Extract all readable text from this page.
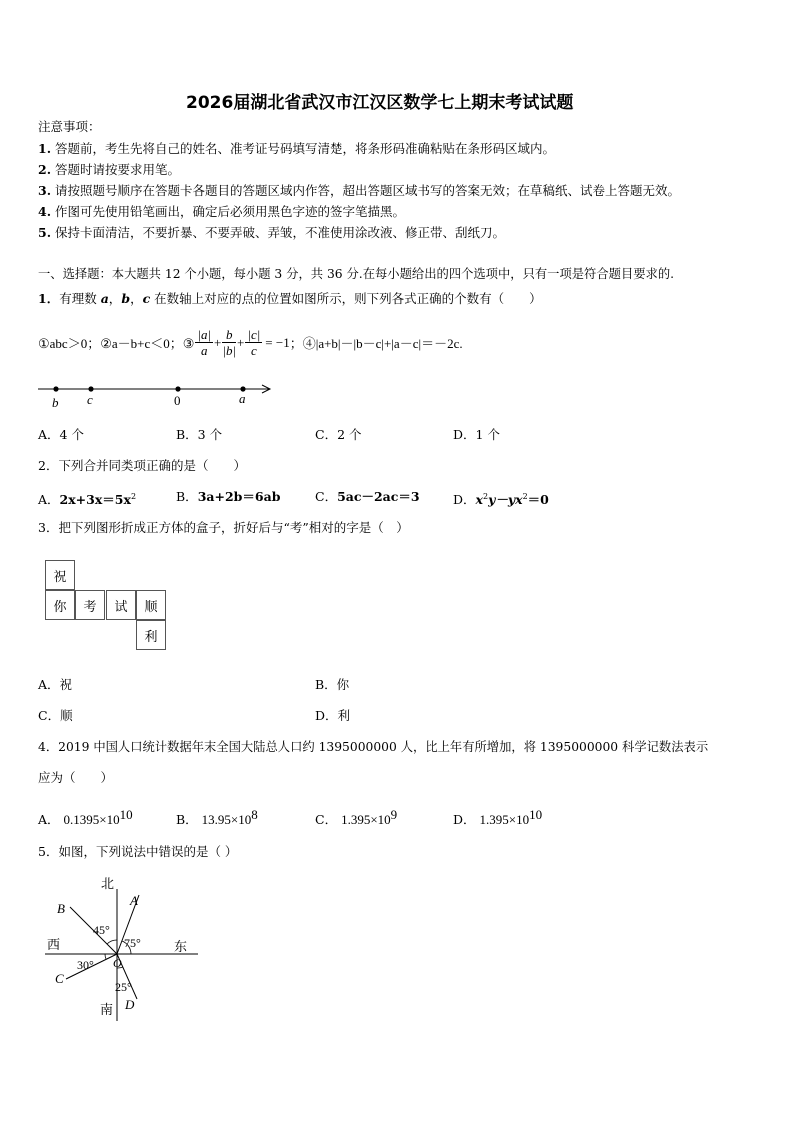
2026届湖北省武汉市江汉区数学七上期末考试试题
注意事项：
1. 答题前，考生先将自己的姓名、准考证号码填写清楚，将条形码准确粘贴在条形码区域内。
2. 答题时请按要求用笔。
3. 请按照题号顺序在答题卡各题目的答题区域内作答，超出答题区域书写的答案无效；在草稿纸、试卷上答题无效。
4. 作图可先使用铅笔画出，确定后必须用黑色字迹的签字笔描黑。
5. 保持卡面清洁，不要折暴、不要弄破、弄皱，不准使用涂改液、修正带、刮纸刀。
一、选择题：本大题共 12 个小题，每小题 3 分，共 36 分.在每小题给出的四个选项中，只有一项是符合题目要求的.
1．有理数 a，b，c 在数轴上对应的点的位置如图所示，则下列各式正确的个数有（　　）
①abc＞0；②a－b+c＜0；③ $\frac{|a|}{a} + \frac{b}{|b|} + \frac{|c|}{c} = -1$ ；④|a+b|－|b－c|+|a－c|＝－2c.
b c	0	a
A．4 个	B．3 个	C．2 个	D．1 个
2．下列合并同类项正确的是（　　）
A．$2x+3x=5x^2$	B．3a+2b＝6ab	C．5ac－2ac＝3	D．$x^2y-yx^2=0$
3．把下列图形折成正方体的盒子，折好后与“考”相对的字是（　）
祝
你	考	试	顺
利
A．祝	B．你
C．顺	D．利
4．2019 中国人口统计数据年末全国大陆总人口约 1395000000 人，比上年有所增加，将 1395000000 科学记数法表示
应为（　　）
A． $0.1395\times 10^{10}$	B． $13.95\times 10^8$	C． $1.395\times 10^9$	D． $1.395\times 10^{10}$
5．如图，下列说法中错误的是（ ）
北
南
西	东
A
B
C
D
O
45°
75°
30°
25°
